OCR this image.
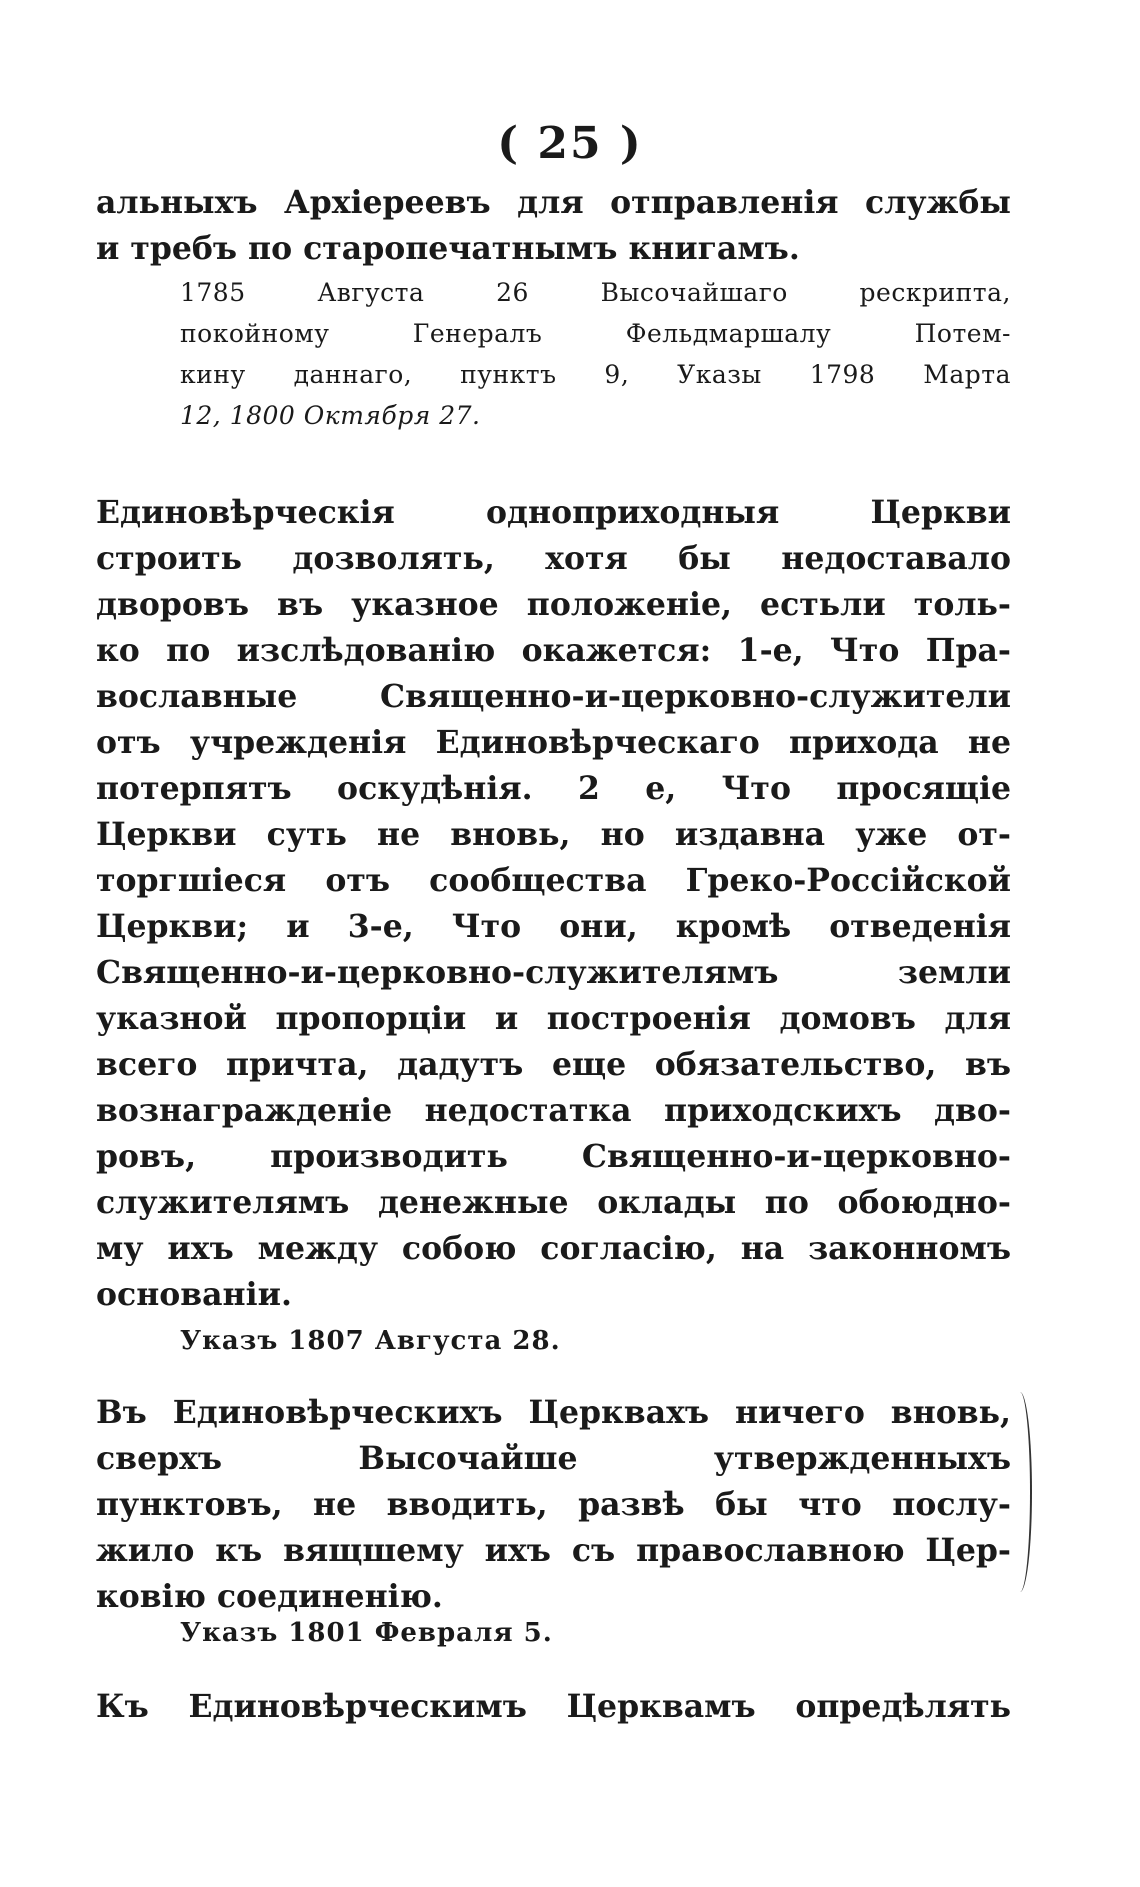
( 25 )
альныхъ Архіереевъ для отправленія службы
и требъ по старопечатнымъ книгамъ.
1785 Августа 26 Высочайшаго рескрипта,
покойному Генералъ Фельдмаршалу Потем-
кину даннаго, пунктъ 9, Указы 1798 Марта
12, 1800 Октября 27.
Единовѣрческія одноприходныя Церкви
строить дозволять, хотя бы недоставало
дворовъ въ указное положеніе, естьли толь-
ко по изслѣдованію окажется: 1-е, Что Пра-
вославные Священно-и-церковно-служители
отъ учрежденія Единовѣрческаго прихода не
потерпятъ оскудѣнія. 2 е, Что просящіе
Церкви суть не вновь, но издавна уже от-
торгшіеся отъ сообщества Греко-Россійской
Церкви; и 3-е, Что они, кромѣ отведенія
Священно-и-церковно-служителямъ земли
указной пропорціи и построенія домовъ для
всего причта, дадутъ еще обязательство, въ
вознагражденіе недостатка приходскихъ дво-
ровъ, производить Священно-и-церковно-
служителямъ денежные оклады по обоюдно-
му ихъ между собою согласію, на законномъ
основаніи.
Указъ 1807 Августа 28.
Въ Единовѣрческихъ Церквахъ ничего вновь,
сверхъ Высочайше утвержденныхъ
пунктовъ, не вводить, развѣ бы что послу-
жило къ вящшему ихъ съ православною Цер-
ковію соединенію.
Указъ 1801 Февраля 5.
Къ Единовѣрческимъ Церквамъ опредѣлять
